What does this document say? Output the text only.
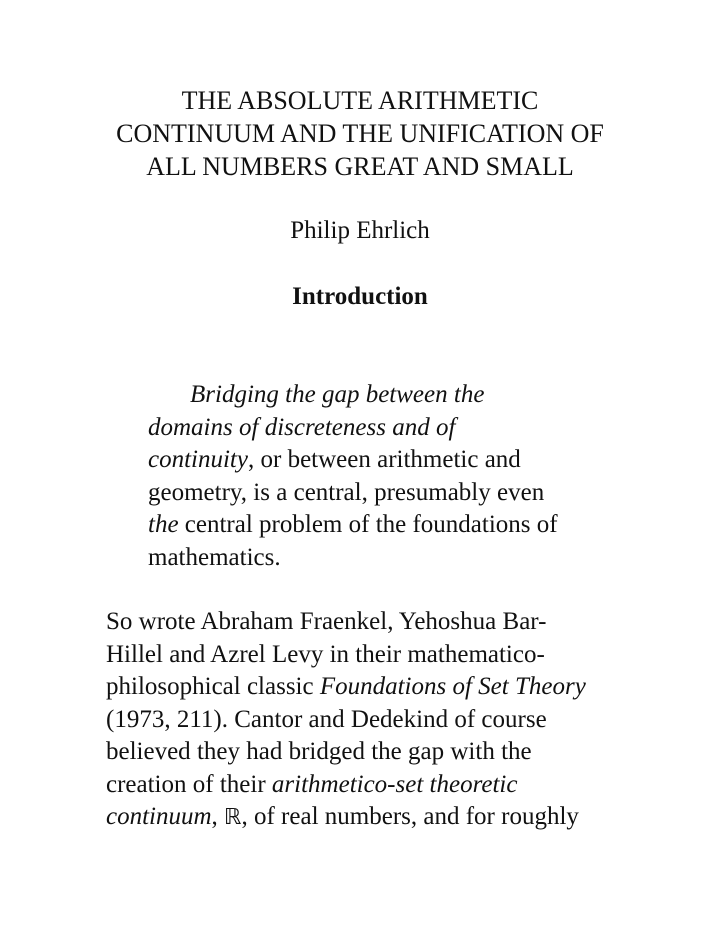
THE ABSOLUTE ARITHMETIC
CONTINUUM AND THE UNIFICATION OF
ALL NUMBERS GREAT AND SMALL

Philip Ehrlich

Introduction
Bridging the gap between the
domains of discreteness and of
continuity, or between arithmetic and
geometry, is a central, presumably even
the central problem of the foundations of
mathematics.
So wrote Abraham Fraenkel, Yehoshua Bar-
Hillel and Azrel Levy in their mathematico-
philosophical classic Foundations of Set Theory
(1973, 211). Cantor and Dedekind of course
believed they had bridged the gap with the
creation of their arithmetico-set theoretic
continuum, ℝ, of real numbers, and for roughly
